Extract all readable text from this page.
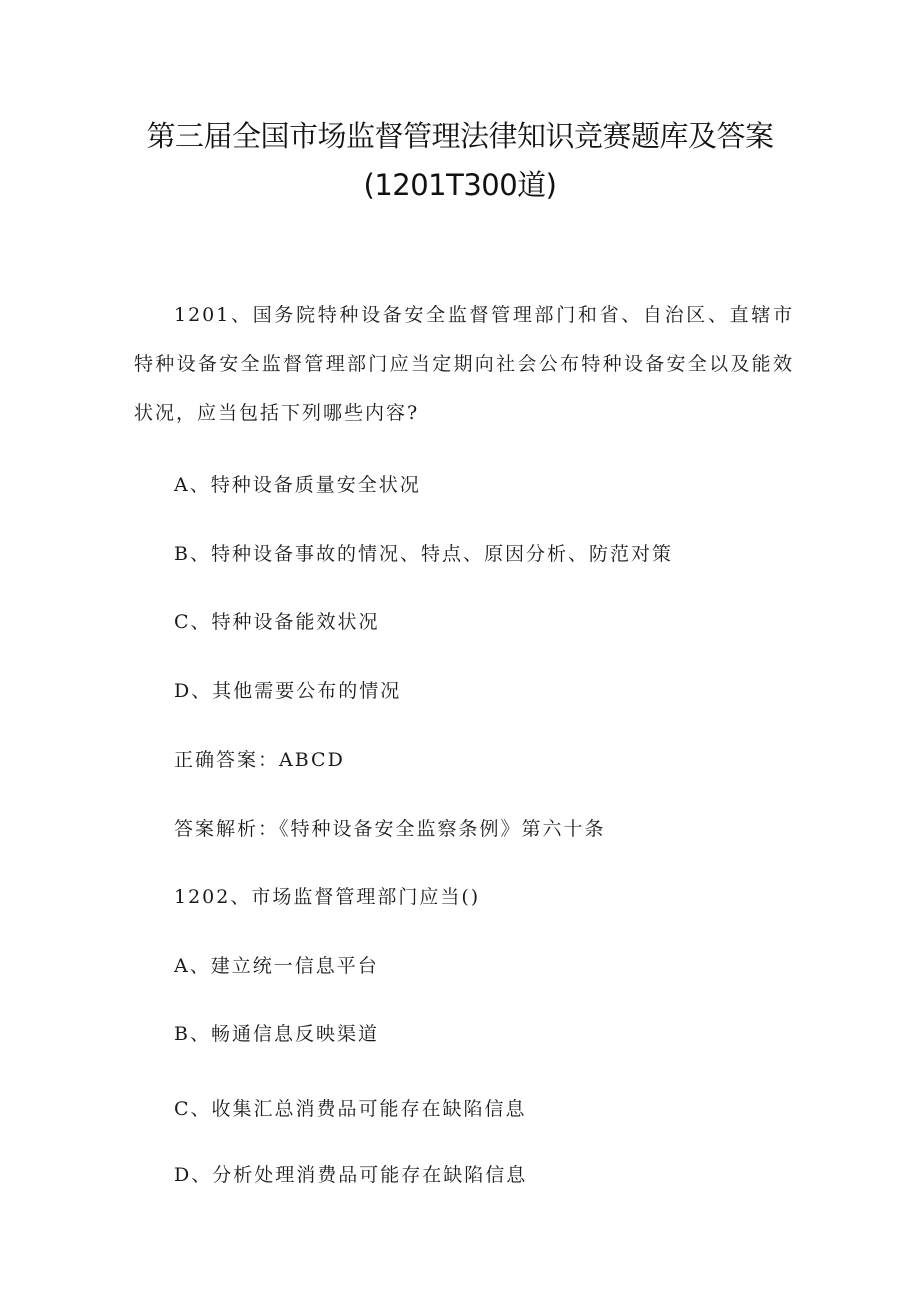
第三届全国市场监督管理法律知识竞赛题库及答案
(1201T300道)

1201、国务院特种设备安全监督管理部门和省、自治区、直辖市特种设备安全监督管理部门应当定期向社会公布特种设备安全以及能效状况，应当包括下列哪些内容?

A、特种设备质量安全状况

B、特种设备事故的情况、特点、原因分析、防范对策

C、特种设备能效状况

D、其他需要公布的情况

正确答案：ABCD

答案解析：《特种设备安全监察条例》第六十条

1202、市场监督管理部门应当()

A、建立统一信息平台

B、畅通信息反映渠道

C、收集汇总消费品可能存在缺陷信息

D、分析处理消费品可能存在缺陷信息
